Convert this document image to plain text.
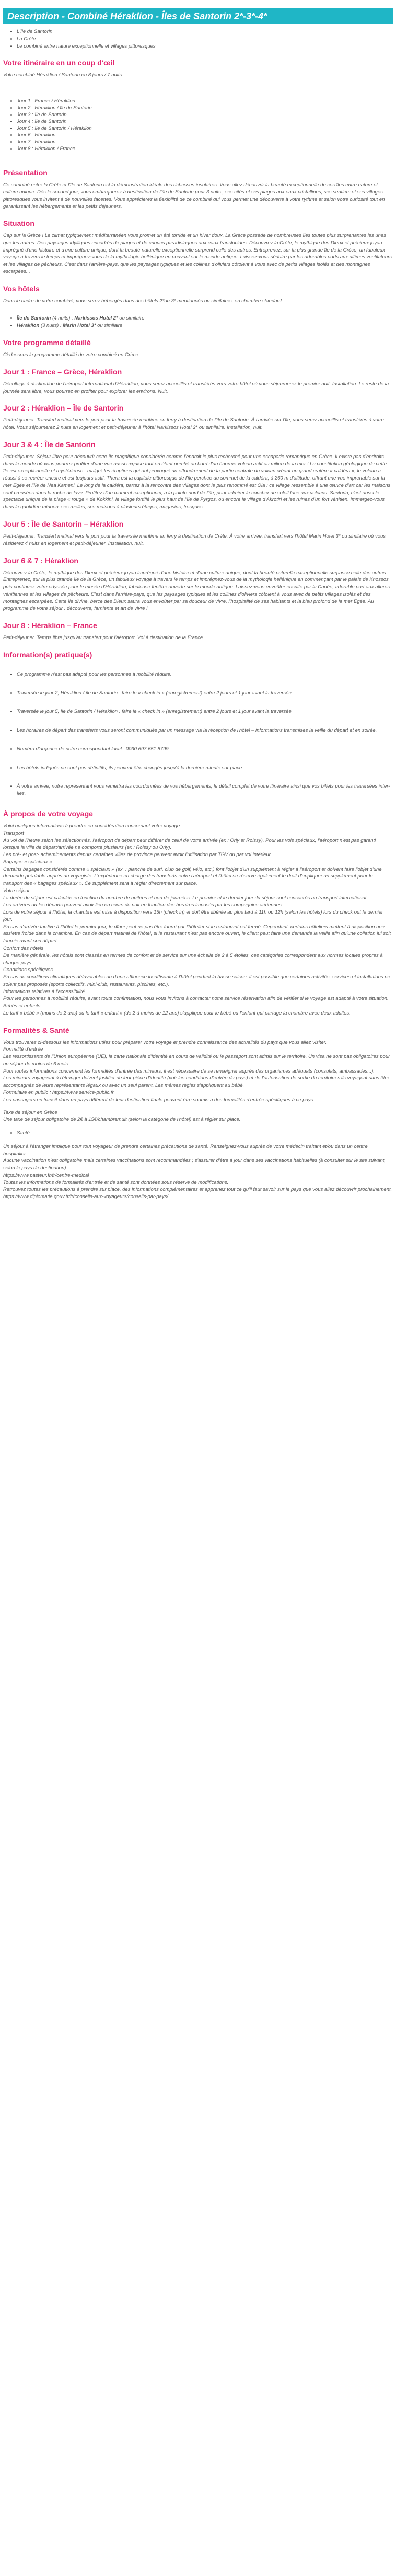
Description - Combiné Héraklion - Îles de Santorin 2*-3*-4*
• L'île de Santorin
• La Crète
• Le combiné entre nature exceptionnelle et villages pittoresques
Votre itinéraire en un coup d'œil

Votre combiné Héraklion / Santorin en 8 jours / 7 nuits :

• Jour 1 : France / Héraklion
• Jour 2 : Héraklion / île de Santorin
• Jour 3 : île de Santorin
• Jour 4 : île de Santorin
• Jour 5 : île de Santorin / Héraklion
• Jour 6 : Héraklion
• Jour 7 : Héraklion
• Jour 8 : Héraklion / France
Présentation

Ce combiné entre la Crète et l'île de Santorin est la démonstration idéale des richesses insulaires. Vous allez découvrir la beauté exceptionnelle de ces îles entre nature et culture unique. Dès le second jour, vous embarquerez à destination de l'île de Santorin pour 3 nuits ; ses cités et ses plages aux eaux cristallines, ses sentiers et ses villages pittoresques vous invitent à de nouvelles facettes. Vous apprécierez la flexibilité de ce combiné qui vous permet une découverte à votre rythme et selon votre curiosité tout en garantissant les hébergements et les petits déjeuners.

Situation

Cap sur la Grèce ! Le climat typiquement méditerranéen vous promet un été torride et un hiver doux. La Grèce possède de nombreuses îles toutes plus surprenantes les unes que les autres. Des paysages idylliques encadrés de plages et de criques paradisiaques aux eaux translucides. Découvrez la Crète, le mythique des Dieux et précieux joyau imprégné d'une histoire et d'une culture unique, dont la beauté naturelle exceptionnelle surprend celle des autres. Entreprenez, sur la plus grande île de la Grèce, un fabuleux voyage à travers le temps et imprégnez-vous de la mythologie hellénique en pouvant sur le monde antique. Laissez-vous séduire par les adorables ports aux ultimes ventilateurs et les villages de pêcheurs. C'est dans l'arrière-pays, que les paysages typiques et les collines d'oliviers côtoient à vous avec de petits villages isolés et des montagnes escarpées...

Vos hôtels

Dans le cadre de votre combiné, vous serez hébergés dans des hôtels 2*ou 3* mentionnés ou similaires, en chambre standard.

• Île de Santorin (4 nuits) : Narkissos Hotel 2* ou similaire
• Héraklion (3 nuits) : Marin Hotel 3* ou similaire
Votre programme détaillé

Ci-dessous le programme détaillé de votre combiné en Grèce.

Jour 1 : France – Grèce, Héraklion

Décollage à destination de l'aéroport international d'Héraklion, vous serez accueillis et transférés vers votre hôtel où vous séjournerez le premier nuit. Installation. Le reste de la journée sera libre, vous pourrez en profiter pour explorer les environs. Nuit.

Jour 2 : Héraklion – Île de Santorin

Petit-déjeuner. Transfert matinal vers le port pour la traversée maritime en ferry à destination de l'île de Santorin. À l'arrivée sur l'île, vous serez accueillis et transférés à votre hôtel. Vous séjournerez 2 nuits en logement et petit-déjeuner à l'hôtel Narkissos Hotel 2* ou similaire. Installation, nuit.

Jour 3 & 4 : Île de Santorin

Petit-déjeuner. Séjour libre pour découvrir cette île magnifique considérée comme l'endroit le plus recherché pour une escapade romantique en Grèce. Il existe pas d'endroits dans le monde où vous pourrez profiter d'une vue aussi exquise tout en étant perché au bord d'un énorme volcan actif au milieu de la mer ! La constitution géologique de cette île est exceptionnelle et mystérieuse : malgré les éruptions qui ont provoqué un effondrement de la partie centrale du volcan créant un grand cratère « caldéra », le volcan a réussi à se recréer encore et est toujours actif. Thera est la capitale pittoresque de l'île perchée au sommet de la caldéra, à 260 m d'altitude, offrant une vue imprenable sur la mer Égée et l'île de Nea Kameni. Le long de la caldéra, partez à la rencontre des villages dont le plus renommé est Oia : ce village ressemble à une œuvre d'art car les maisons sont creusées dans la roche de lave. Profitez d'un moment exceptionnel, à la pointe nord de l'île, pour admirer le coucher de soleil face aux volcans. Santorin, c'est aussi le spectacle unique de la plage « rouge » de Kokkini, le village fortifié le plus haut de l'île de Pyrgos, ou encore le village d'Akrotiri et les ruines d'un fort vénitien. Immergez-vous dans le quotidien minoen, ses ruelles, ses maisons à plusieurs étages, magasins, fresques...

Jour 5 : Île de Santorin – Héraklion

Petit-déjeuner. Transfert matinal vers le port pour la traversée maritime en ferry à destination de Crète. À votre arrivée, transfert vers l'hôtel Marin Hotel 3* ou similaire où vous résiderez 4 nuits en logement et petit-déjeuner. Installation, nuit.

Jour 6 & 7 : Héraklion

Découvrez la Crète, le mythique des Dieux et précieux joyau imprégné d'une histoire et d'une culture unique, dont la beauté naturelle exceptionnelle surpasse celle des autres. Entreprenez, sur la plus grande île de la Grèce, un fabuleux voyage à travers le temps et imprégnez-vous de la mythologie hellénique en commençant par le palais de Knossos puis continuez votre odyssée pour le musée d'Héraklion, fabuleuse fenêtre ouverte sur le monde antique. Laissez-vous envoûter ensuite par la Canée, adorable port aux allures vénitiennes et les villages de pêcheurs. C'est dans l'arrière-pays, que les paysages typiques et les collines d'oliviers côtoient à vous avec de petits villages isolés et des montagnes escarpées. Cette île divine, berce des Dieux saura vous envoûter par sa douceur de vivre, l'hospitalité de ses habitants et la bleu profond de la mer Égée. Au programme de votre séjour : découverte, farniente et art de vivre !

Jour 8 : Héraklion – France

Petit-déjeuner. Temps libre jusqu'au transfert pour l'aéroport. Vol à destination de la France.

Information(s) pratique(s)
• Ce programme n'est pas adapté pour les personnes à mobilité réduite.
• Traversée le jour 2, Héraklion / île de Santorin : faire le « check in » (enregistrement) entre 2 jours et 1 jour avant la traversée
• Traversée le jour 5, île de Santorin / Héraklion : faire le « check in » (enregistrement) entre 2 jours et 1 jour avant la traversée
• Les horaires de départ des transferts vous seront communiqués par un message via la réception de l'hôtel – informations transmises la veille du départ et en soirée.
• Numéro d'urgence de notre correspondant local : 0030 697 651 8799
• Les hôtels indiqués ne sont pas définitifs, ils peuvent être changés jusqu'à la dernière minute sur place.
• À votre arrivée, notre représentant vous remettra les coordonnées de vos hébergements, le détail complet de votre itinéraire ainsi que vos billets pour les traversées inter-îles.
À propos de votre voyage

Voici quelques informations à prendre en considération concernant votre voyage.

Transport

Au vol de l'heure selon les sélectionnés, l'aéroport de départ peut différer de celui de votre arrivée (ex : Orly et Roissy). Pour les vols spéciaux, l'aéroport n'est pas garanti lorsque la ville de départ/arrivée ne comporte plusieurs (ex : Roissy ou Orly).

Les pré- et post- acheminements depuis certaines villes de province peuvent avoir l'utilisation par TGV ou par vol intérieur.

Bagages « spéciaux »

Certains bagages considérés comme « spéciaux » (ex. : planche de surf, club de golf, vélo, etc.) font l'objet d'un supplément à régler à l'aéroport et doivent faire l'objet d'une demande préalable auprès du voyagiste. L'expérience en charge des transferts entre l'aéroport et l'hôtel se réserve également le droit d'appliquer un supplément pour le transport des « bagages spéciaux ». Ce supplément sera à régler directement sur place.

Votre séjour

La durée du séjour est calculée en fonction du nombre de nuitées et non de journées. Le premier et le dernier jour du séjour sont consacrés au transport international.

Les arrivées ou les départs peuvent avoir lieu en cours de nuit en fonction des horaires imposés par les compagnies aériennes.

Lors de votre séjour à l'hôtel, la chambre est mise à disposition vers 15h (check in) et doit être libérée au plus tard à 11h ou 12h (selon les hôtels) lors du check out le dernier jour.

En cas d'arrivée tardive à l'hôtel le premier jour, le dîner peut ne pas être fourni par l'hôtelier si le restaurant est fermé. Cependant, certains hôteliers mettent à disposition une assiette froide dans la chambre. En cas de départ matinal de l'hôtel, si le restaurant n'est pas encore ouvert, le client peut faire une demande la veille afin qu'une collation lui soit fournie avant son départ.

Confort des hôtels

De manière générale, les hôtels sont classés en termes de confort et de service sur une échelle de 2 à 5 étoiles, ces catégories correspondent aux normes locales propres à chaque pays.

Conditions spécifiques

En cas de conditions climatiques défavorables ou d'une affluence insuffisante à l'hôtel pendant la basse saison, il est possible que certaines activités, services et installations ne soient pas proposés (sports collectifs, mini-club, restaurants, piscines, etc.).

Informations relatives à l'accessibilité

Pour les personnes à mobilité réduite, avant toute confirmation, nous vous invitons à contacter notre service réservation afin de vérifier si le voyage est adapté à votre situation.

Bébés et enfants

Le tarif « bébé » (moins de 2 ans) ou le tarif « enfant » (de 2 à moins de 12 ans) s'applique pour le bébé ou l'enfant qui partage la chambre avec deux adultes.

Formalités & Santé

Vous trouverez ci-dessous les informations utiles pour préparer votre voyage et prendre connaissance des actualités du pays que vous allez visiter.

Formalité d'entrée

Les ressortissants de l'Union européenne (UE), la carte nationale d'identité en cours de validité ou le passeport sont admis sur le territoire. Un visa ne sont pas obligatoires pour un séjour de moins de 6 mois.

Pour toutes informations concernant les formalités d'entrée des mineurs, il est nécessaire de se renseigner auprès des organismes adéquats (consulats, ambassades...).

Les mineurs voyageant à l'étranger doivent justifier de leur pièce d'identité (voir les conditions d'entrée du pays) et de l'autorisation de sortie du territoire s'ils voyagent sans être accompagnés de leurs représentants légaux ou avec un seul parent. Les mêmes règles s'appliquent au bébé.

Formulaire en public : https://www.service-public.fr

Les passagers en transit dans un pays différent de leur destination finale peuvent être soumis à des formalités d'entrée spécifiques à ce pays.

Taxe de séjour en Grèce

Une taxe de séjour obligatoire de 2€ à 15€/chambre/nuit (selon la catégorie de l'hôtel) est à régler sur place.

• Santé

Un séjour à l'étranger implique pour tout voyageur de prendre certaines précautions de santé. Renseignez-vous auprès de votre médecin traitant et/ou dans un centre hospitalier.

Aucune vaccination n'est obligatoire mais certaines vaccinations sont recommandées ; s'assurer d'être à jour dans ses vaccinations habituelles (à consulter sur le site suivant, selon le pays de destination) :

https://www.pasteur.fr/fr/centre-medical

Toutes les informations de formalités d'entrée et de santé sont données sous réserve de modifications.

Retrouvez toutes les précautions à prendre sur place, des informations complémentaires et apprenez tout ce qu'il faut savoir sur le pays que vous allez découvrir prochainement.

https://www.diplomatie.gouv.fr/fr/conseils-aux-voyageurs/conseils-par-pays/
